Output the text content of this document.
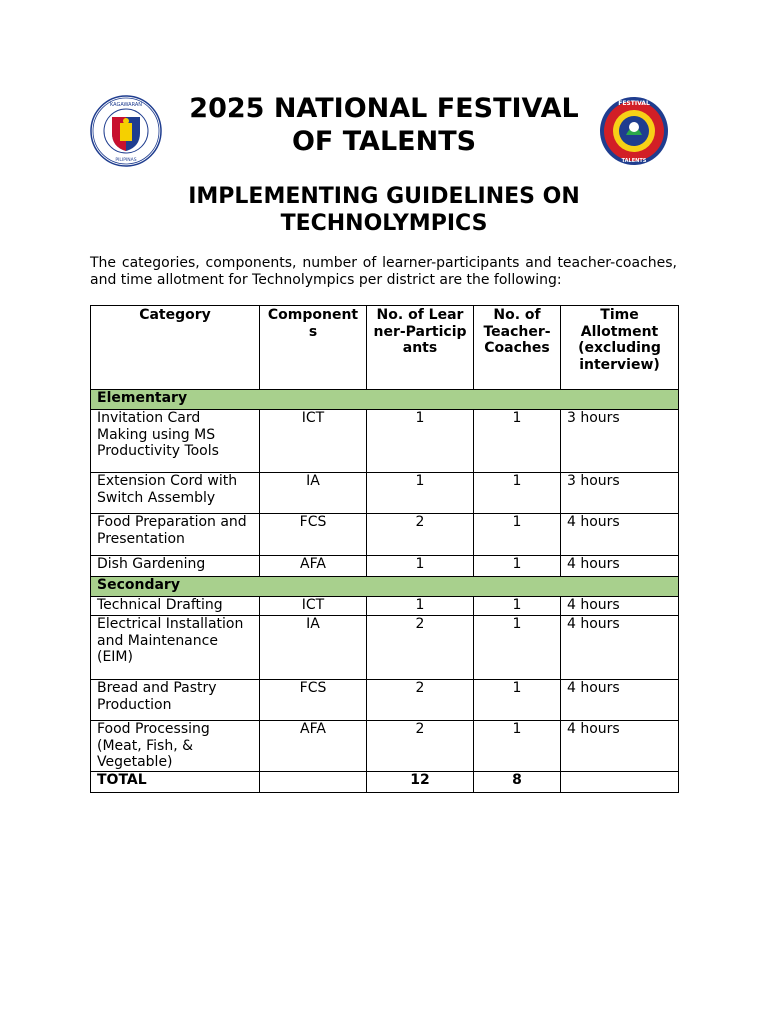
KAGAWARAN
PILIPINAS
FESTIVAL
TALENTS
2025 NATIONAL FESTIVAL OF TALENTS
IMPLEMENTING GUIDELINES ON TECHNOLYMPICS
The categories, components, number of learner-participants and teacher-coaches, and time allotment for Technolympics per district are the following:
Category	Components	No. of Learner-Participants	No. of Teacher-Coaches	Time Allotment (excluding interview)
Elementary				
Invitation Card Making using MS Productivity Tools	ICT	1	1	3 hours
Extension Cord with Switch Assembly	IA	1	1	3 hours
Food Preparation and Presentation	FCS	2	1	4 hours
Dish Gardening	AFA	1	1	4 hours
Secondary				
Technical Drafting	ICT	1	1	4 hours
Electrical Installation and Maintenance (EIM)	IA	2	1	4 hours
Bread and Pastry Production	FCS	2	1	4 hours
Food Processing (Meat, Fish, & Vegetable)	AFA	2	1	4 hours
TOTAL		12	8	
